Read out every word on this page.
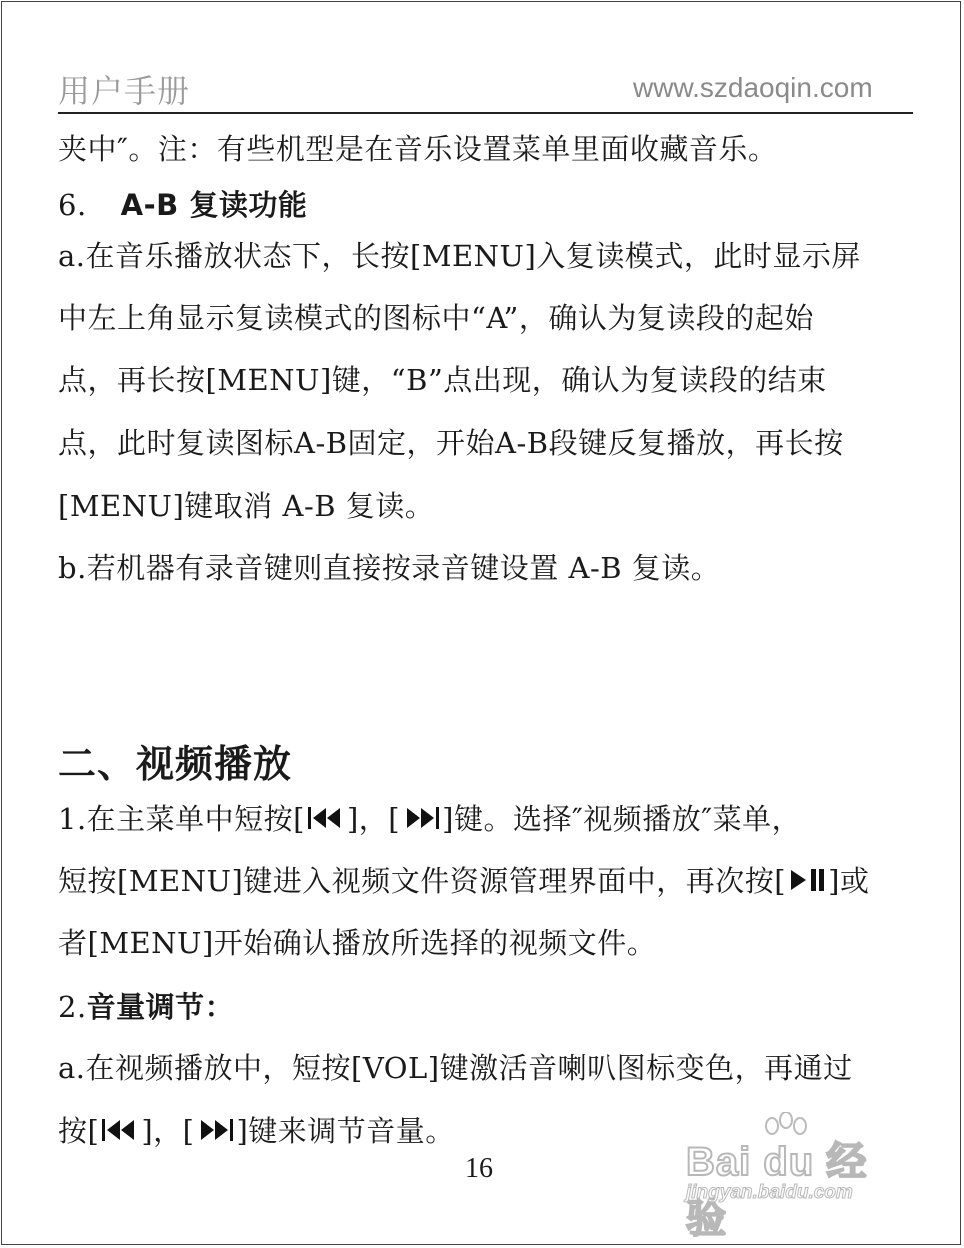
用户手册	www.szdaoqin.com
夹中″。注：有些机型是在音乐设置菜单里面收藏音乐。
6. A-B 复读功能
a.在音乐播放状态下，长按[MENU]入复读模式，此时显示屏
中左上角显示复读模式的图标中“A”，确认为复读段的起始
点，再长按[MENU]键，“B”点出现，确认为复读段的结束
点，此时复读图标A-B固定，开始A-B段键反复播放，再长按
[MENU]键取消 A-B 复读。
b.若机器有录音键则直接按录音键设置 A-B 复读。
二、视频播放
1.在主菜单中短按[ ]，[ ]键。选择″视频播放″菜单，
短按[MENU]键进入视频文件资源管理界面中，再次按[ ]或
者[MENU]开始确认播放所选择的视频文件。
2.音量调节：
a.在视频播放中，短按[VOL]键激活音喇叭图标变色，再通过
按[ ]，[ ]键来调节音量。
16	Bai du 经验
jingyan.baidu.com
